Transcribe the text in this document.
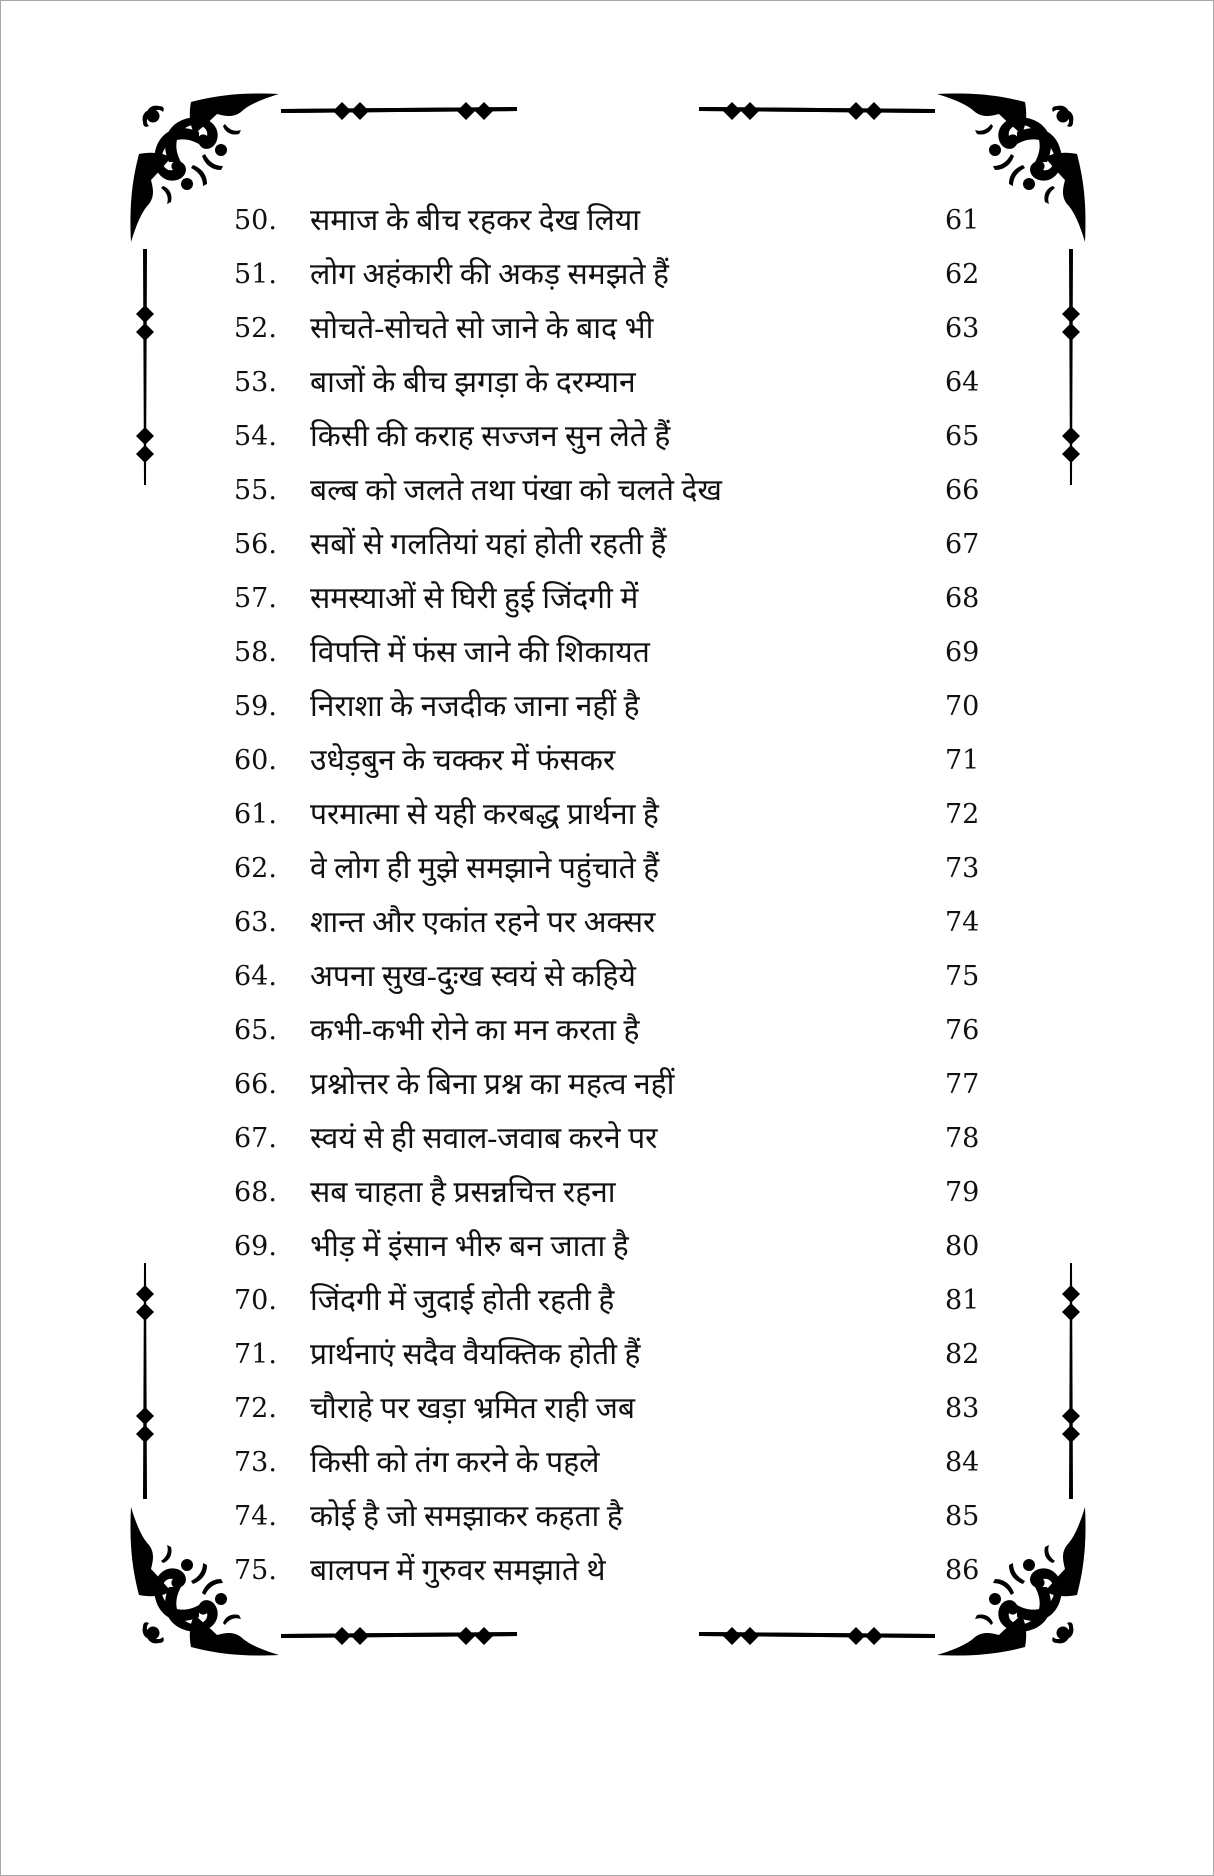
50. समाज के बीच रहकर देख लिया	61
51. लोग अहंकारी की अकड़ समझते हैं	62
52. सोचते-सोचते सो जाने के बाद भी	63
53. बाजों के बीच झगड़ा के दरम्यान	64
54. किसी की कराह सज्जन सुन लेते हैं	65
55. बल्ब को जलते तथा पंखा को चलते देख	66
56. सबों से गलतियां यहां होती रहती हैं	67
57. समस्याओं से घिरी हुई जिंदगी में	68
58. विपत्ति में फंस जाने की शिकायत	69
59. निराशा के नजदीक जाना नहीं है	70
60. उधेड़बुन के चक्कर में फंसकर	71
61. परमात्मा से यही करबद्ध प्रार्थना है	72
62. वे लोग ही मुझे समझाने पहुंचाते हैं	73
63. शान्त और एकांत रहने पर अक्सर	74
64. अपना सुख-दुःख स्वयं से कहिये	75
65. कभी-कभी रोने का मन करता है	76
66. प्रश्नोत्तर के बिना प्रश्न का महत्व नहीं	77
67. स्वयं से ही सवाल-जवाब करने पर	78
68. सब चाहता है प्रसन्नचित्त रहना	79
69. भीड़ में इंसान भीरु बन जाता है	80
70. जिंदगी में जुदाई होती रहती है	81
71. प्रार्थनाएं सदैव वैयक्तिक होती हैं	82
72. चौराहे पर खड़ा भ्रमित राही जब	83
73. किसी को तंग करने के पहले	84
74. कोई है जो समझाकर कहता है	85
75. बालपन में गुरुवर समझाते थे	86
